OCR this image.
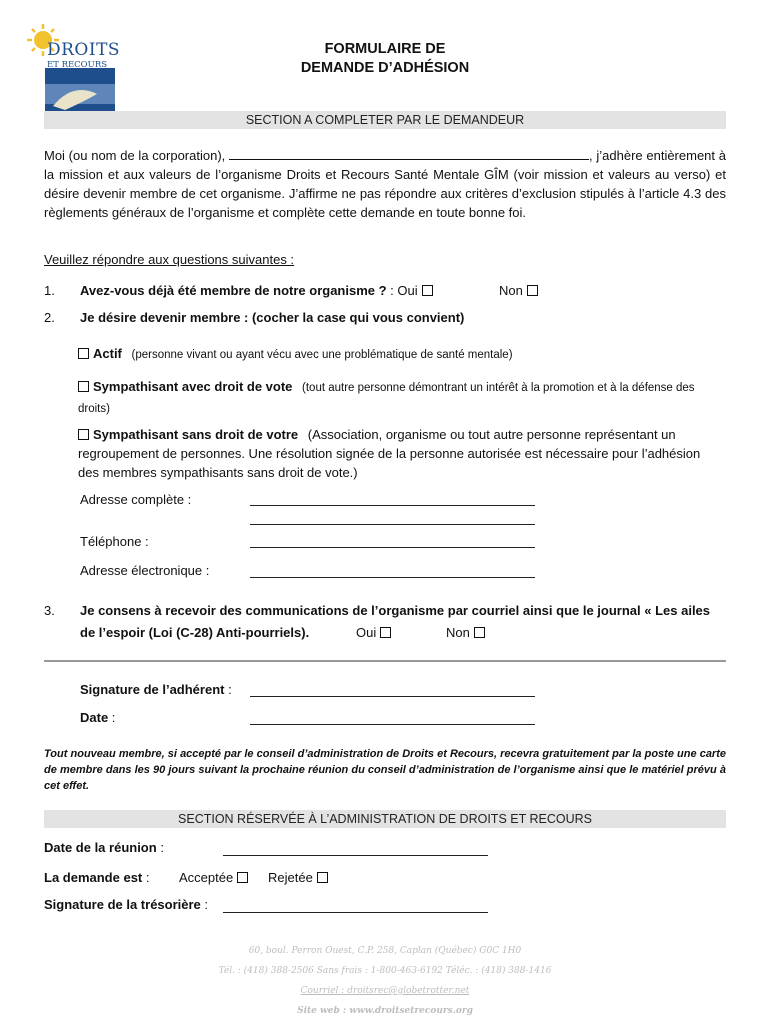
DROITS
ET RECOURS
FORMULAIRE DE
DEMANDE D’ADHÉSION
SECTION A COMPLETER PAR LE DEMANDEUR
Moi (ou nom de la corporation),	, j’adhère entièrement à la mission et aux valeurs de l’organisme Droits et Recours Santé Mentale GÎM (voir mission et valeurs au verso) et désire devenir membre de cet organisme. J’affirme ne pas répondre aux critères d’exclusion stipulés à l’article 4.3 des règlements généraux de l’organisme et complète cette demande en toute bonne foi.
Veuillez répondre aux questions suivantes :
1. Avez-vous déjà été membre de notre organisme ? : Oui	Non
2. Je désire devenir membre : (cocher la case qui vous convient)
Actif (personne vivant ou ayant vécu avec une problématique de santé mentale)
Sympathisant avec droit de vote (tout autre personne démontrant un intérêt à la promotion et à la défense des droits)
Sympathisant sans droit de votre (Association, organisme ou tout autre personne représentant un regroupement de personnes. Une résolution signée de la personne autorisée est nécessaire pour l’adhésion des membres sympathisants sans droit de vote.)
Adresse complète :
Téléphone :
Adresse électronique :
3. Je consens à recevoir des communications de l’organisme par courriel ainsi que le journal « Les ailes
de l’espoir (Loi (C-28) Anti-pourriels).	Oui	Non
Signature de l’adhérent :
Date :
Tout nouveau membre, si accepté par le conseil d’administration de Droits et Recours, recevra gratuitement par la poste une carte de membre dans les 90 jours suivant la prochaine réunion du conseil d’administration de l’organisme ainsi que le matériel prévu à cet effet.
SECTION RÉSERVÉE À L’ADMINISTRATION DE DROITS ET RECOURS
Date de la réunion :
La demande est : Acceptée	Rejetée
Signature de la trésorière :
60, boul. Perron Ouest, C.P. 258, Caplan (Québec) G0C 1H0
Tél. : (418) 388-2506 Sans frais : 1-800-463-6192 Téléc. : (418) 388-1416
Courriel : droitsrec@globetrotter.net
Site web : www.droitsetrecours.org
